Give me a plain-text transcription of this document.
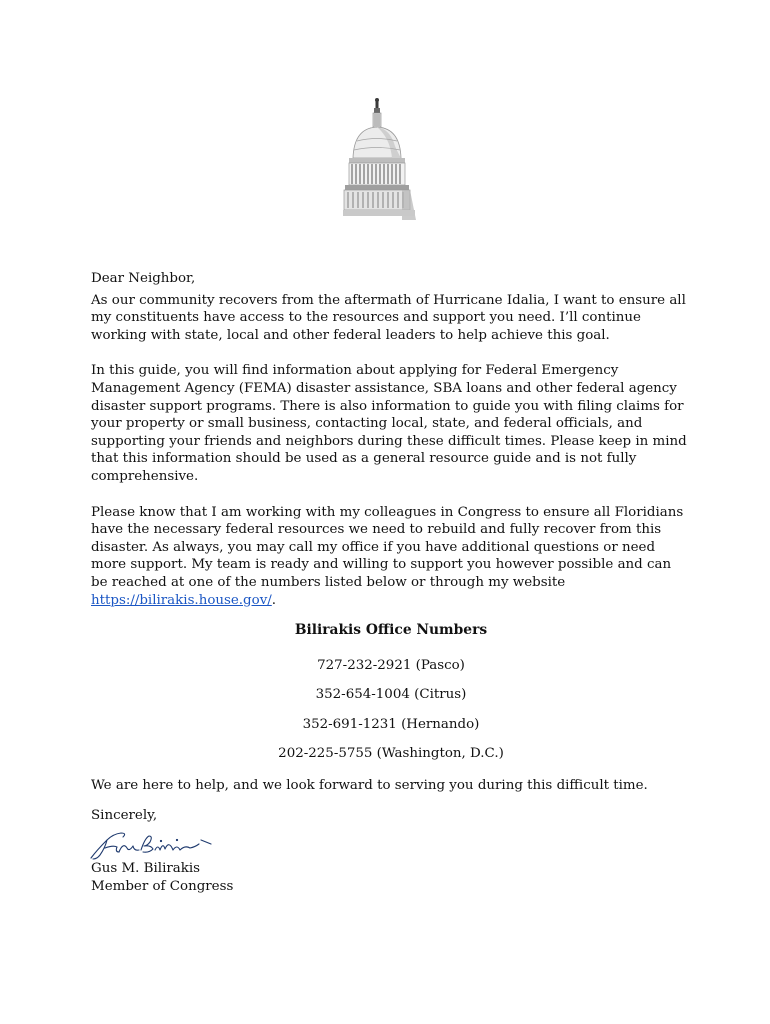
Dear Neighbor,

As our community recovers from the aftermath of Hurricane Idalia, I want to ensure all my constituents have access to the resources and support you need. I’ll continue working with state, local and other federal leaders to help achieve this goal.

In this guide, you will find information about applying for Federal Emergency Management Agency (FEMA) disaster assistance, SBA loans and other federal agency disaster support programs. There is also information to guide you with filing claims for your property or small business, contacting local, state, and federal officials, and supporting your friends and neighbors during these difficult times. Please keep in mind that this information should be used as a general resource guide and is not fully comprehensive.

Please know that I am working with my colleagues in Congress to ensure all Floridians have the necessary federal resources we need to rebuild and fully recover from this disaster. As always, you may call my office if you have additional questions or need more support. My team is ready and willing to support you however possible and can be reached at one of the numbers listed below or through my website https://bilirakis.house.gov/.

Bilirakis Office Numbers

727-232-2921 (Pasco)

352-654-1004 (Citrus)

352-691-1231 (Hernando)

202-225-5755 (Washington, D.C.)

We are here to help, and we look forward to serving you during this difficult time.

Sincerely,

Gus M. Bilirakis

Member of Congress
